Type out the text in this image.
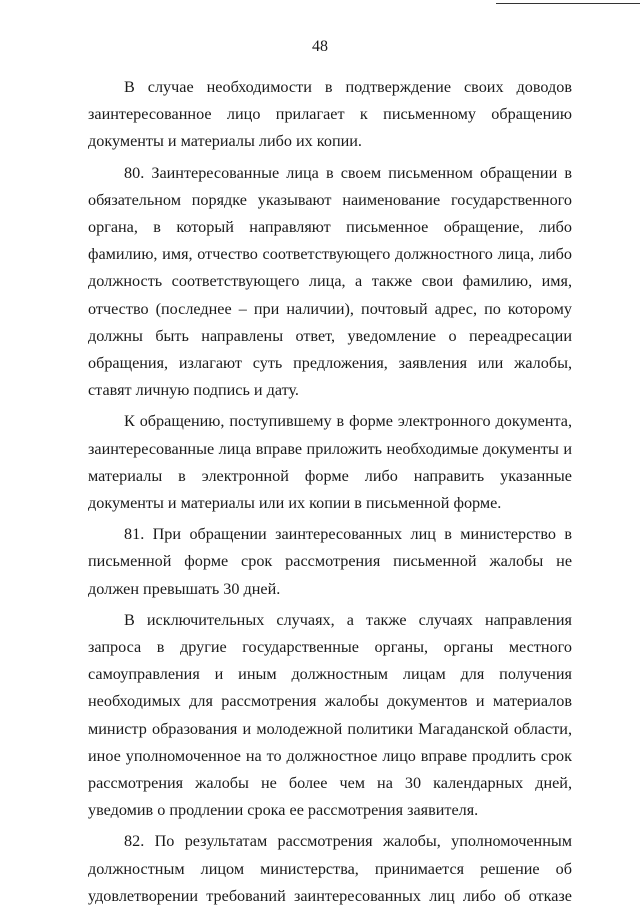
48

В случае необходимости в подтверждение своих доводов заинтересованное лицо прилагает к письменному обращению документы и материалы либо их копии.

80. Заинтересованные лица в своем письменном обращении в обязательном порядке указывают наименование государственного органа, в который направляют письменное обращение, либо фамилию, имя, отчество соответствующего должностного лица, либо должность соответствующего лица, а также свои фамилию, имя, отчество (последнее – при наличии), почтовый адрес, по которому должны быть направлены ответ, уведомление о переадресации обращения, излагают суть предложения, заявления или жалобы, ставят личную подпись и дату.

К обращению, поступившему в форме электронного документа, заинтересованные лица вправе приложить необходимые документы и материалы в электронной форме либо направить указанные документы и материалы или их копии в письменной форме.

81. При обращении заинтересованных лиц в министерство в письменной форме срок рассмотрения письменной жалобы не должен превышать 30 дней.

В исключительных случаях, а также случаях направления запроса в другие государственные органы, органы местного самоуправления и иным должностным лицам для получения необходимых для рассмотрения жалобы документов и материалов министр образования и молодежной политики Магаданской области, иное уполномоченное на то должностное лицо вправе продлить срок рассмотрения жалобы не более чем на 30 календарных дней, уведомив о продлении срока ее рассмотрения заявителя.

82. По результатам рассмотрения жалобы, уполномоченным должностным лицом министерства, принимается решение об удовлетворении требований заинтересованных лиц либо об отказе
